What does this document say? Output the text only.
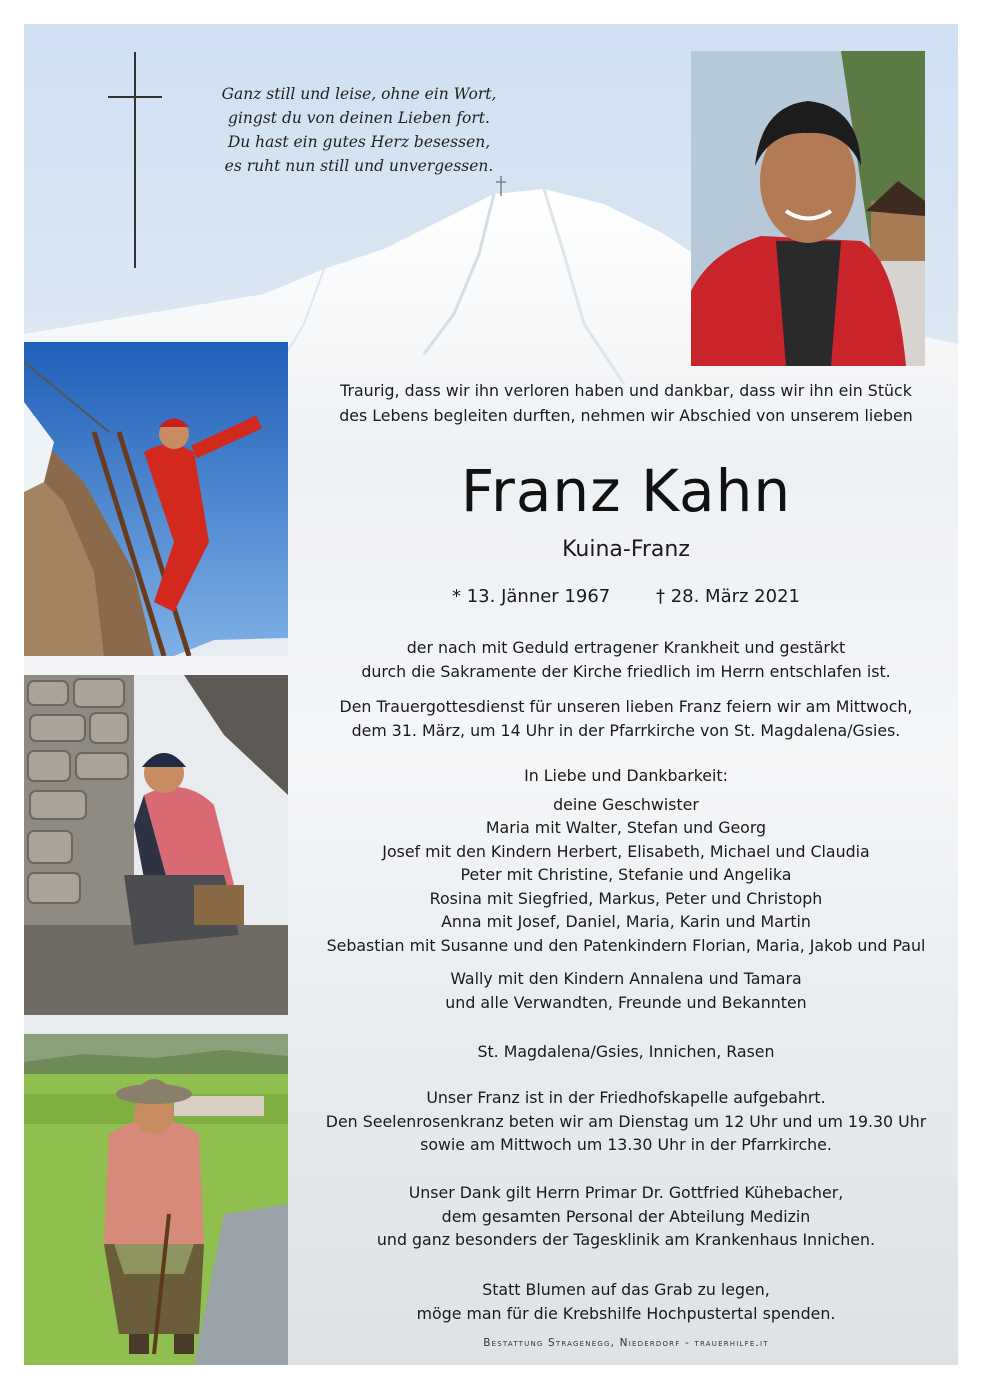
Ganz still und leise, ohne ein Wort,
gingst du von deinen Lieben fort.
Du hast ein gutes Herz besessen,
es ruht nun still und unvergessen.
Traurig, dass wir ihn verloren haben und dankbar, dass wir ihn ein Stück
des Lebens begleiten durften, nehmen wir Abschied von unserem lieben
Franz Kahn
Kuina-Franz
* 13. Jänner 1967	† 28. März 2021
der nach mit Geduld ertragener Krankheit und gestärkt
durch die Sakramente der Kirche friedlich im Herrn entschlafen ist.
Den Trauergottesdienst für unseren lieben Franz feiern wir am Mittwoch,
dem 31. März, um 14 Uhr in der Pfarrkirche von St. Magdalena/Gsies.
In Liebe und Dankbarkeit:
deine Geschwister
Maria mit Walter, Stefan und Georg
Josef mit den Kindern Herbert, Elisabeth, Michael und Claudia
Peter mit Christine, Stefanie und Angelika
Rosina mit Siegfried, Markus, Peter und Christoph
Anna mit Josef, Daniel, Maria, Karin und Martin
Sebastian mit Susanne und den Patenkindern Florian, Maria, Jakob und Paul
Wally mit den Kindern Annalena und Tamara
und alle Verwandten, Freunde und Bekannten
St. Magdalena/Gsies, Innichen, Rasen
Unser Franz ist in der Friedhofskapelle aufgebahrt.
Den Seelenrosenkranz beten wir am Dienstag um 12 Uhr und um 19.30 Uhr
sowie am Mittwoch um 13.30 Uhr in der Pfarrkirche.
Unser Dank gilt Herrn Primar Dr. Gottfried Kühebacher,
dem gesamten Personal der Abteilung Medizin
und ganz besonders der Tagesklinik am Krankenhaus Innichen.
Statt Blumen auf das Grab zu legen,
möge man für die Krebshilfe Hochpustertal spenden.
Bestattung Stragenegg, Niederdorf - trauerhilfe.it
